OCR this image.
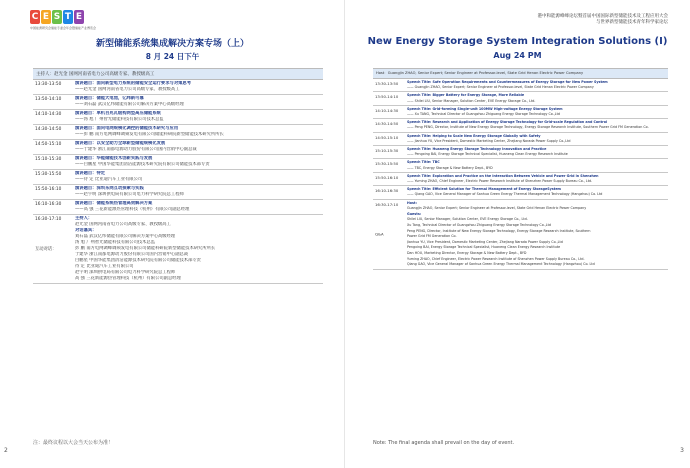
C E S T E
中国能源研究会储能专委会年会暨储能产业博览会
新型储能系统集成解决方案专场（上）
8 月 24 日下午
主持人：赵光金 国网河南省电力公司高级专家、教授级高工
13:30-13:50	演讲题目：面向新型电力系统的储能安全运行要求与对策思考
——赵光金 国网河南省电力公司高级专家、教授级高工
13:50-14:10	演讲题目：储能大电池，亿纬新可靠
——刘石磊 武汉亿纬储能有限公司解决方案中心高级经理
14:10-14:30	演讲题目：单机百兆瓦级构网型高压储能系统
——汤 旭 广州智光储能科技有限公司技术总监
14:30-14:50	演讲题目：面向电网规模化调控的储能技术研究与应用
——彭 鹏 南方电网调峰调频发电有限公司储能科研院新型储能技术研究所所长
14:50-15:10	演讲题目：以安全助力全球新型储能规模化发展
——于建华 浙江南都电源动力股份有限公司国内营销中心副总裁
15:10-15:30	演讲题目：华能储能技术创新实践与发展
——白鹏星 中国华能集团清洁能源技术研究院有限公司储能技术部专责
15:30-15:50	演讲题目：待定
——待 定 比亚迪汽车工业有限公司
15:50-16:10	演讲题目：深圳东网互动探索与实践
——赵宇明 深圳供电局有限公司电力科学研究院总工程师
16:10-16:30	演讲题目：储能系统热管理高效解决方案
——高 强 三花新能源热管理科技（杭州）有限公司副总经理
16:30-17:10
互动对话：
主持人：
赵光金 国网河南省电力公司高级专家、教授级高工
对话嘉宾：
刘石磊 武汉亿纬储能有限公司解决方案中心高级经理
汤 旭 广州智光储能科技有限公司技术总监
彭 鹏 南方电网调峰调频发电有限公司储能科研院新型储能技术研究所所长
于建华 浙江南都电源动力股份有限公司国内营销中心副总裁
白鹏星 中国华能集团清洁能源技术研究院有限公司储能技术部专责
待 定 比亚迪汽车工业有限公司
赵宇明 深圳供电局有限公司电力科学研究院总工程师
高 强 三花新能源热管理科技（杭州）有限公司副总经理
注：最终议程以大会当天公布为准！
2
港中和能源峰峰论坛暨首届中国国际新型储能技术及工程应用大会
与世界新型储能技术青年科学家论坛
New Energy Storage System Integration Solutions (I)
Aug 24 PM
Host：Guangjin ZHAO, Senior Expert; Senior Engineer at Professor-level, State Grid Henan Electric Power Company
13:30-13:50	Speech Title: Safe Operation Requirements and Countermeasures of Energy Storage for New Power System
—— Guangjin ZHAO, Senior Expert; Senior Engineer at Professor-level, State Grid Henan Electric Power Company
13:50-14:10	Speech Title: Bigger Battery for Energy Storage, More Reliable
—— Shilei LIU, Senior Manager, Solution Center, EVE Energy Storage Co., Ltd.
14:10-14:30	Speech Title: Grid-forming Single-unit 100MW High-voltage Energy Storage System
—— Xu TANG, Technical Director of Guangzhou Zhiguang Energy Storage Technology Co.,Ltd
14:30-14:50	Speech Title: Research and Application of Energy Storage Technology for Grid-scale Regulation and Control
—— Peng PENG, Director, Institute of New Energy Storage Technology, Energy Storage Research Institute, Southern Power Grid FM Generation Co.
14:50-15:10	Speech Title: Helping to Scale New Energy Storage Globally with Safety
—— Jianhua YU, Vice President, Domestic Marketing Center, Zhejiang Narada Power Supply Co.,Ltd
15:10-15:30	Speech Title: Huaneng Energy Storage Technology Innovation and Practice
—— Pengxing BAI, Energy Storage Technical Specialist, Huaneng Clean Energy Research Institute
15:30-15:50	Speech Title: TBC
—— TBC, Energy Storage & New Battery Dept., BYD
15:50-16:10	Speech Title: Exploration and Practice on the Interaction Between Vehicle and Power Grid in Shenzhen
—— Yuming ZHAO, Chief Engineer, Electric Power Research Institute of Shenzhen Power Supply Bureau Co., Ltd.
16:10-16:30	Speech Title: Efficient Solution for Thermal Management of Energy StorageSystem
—— Qiang GAO, Vice General Manager of Sanhua Green Energy Thermal Management Technology (Hangzhou) Co. Ltd
16:30-17:10
Q&A
Host:
Guangjin ZHAO, Senior Expert; Senior Engineer at Professor-level, State Grid Henan Electric Power Company
Guests:
Shilei LIU, Senior Manager, Solution Center, EVE Energy Storage Co., Ltd.
Xu Tang, Technical Director of Guangzhou Zhiguang Energy Storage Technology Co.,Ltd
Peng PENG, Director, Institute of New Energy Storage Technology, Energy Storage Research Institute, Southern
Power Grid FM Generation Co.
Jianhua YU, Vice President, Domestic Marketing Center, Zhejiang Narada Power Supply Co.,Ltd
Pengxing BAI, Energy Storage Technical Specialist, Huaneng Clean Energy Research Institute
Dan HOU, Marketing Director, Energy Storage & New Battery Dept., BYD
Yuming ZHAO, Chief Engineer, Electric Power Research Institute of Shenzhen Power Supply Bureau Co., Ltd.
Qiang GAO, Vice General Manager of Sanhua Green Energy Thermal Management Technology (Hangzhou) Co. Ltd
Note: The final agenda shall prevail on the day of event.
3
